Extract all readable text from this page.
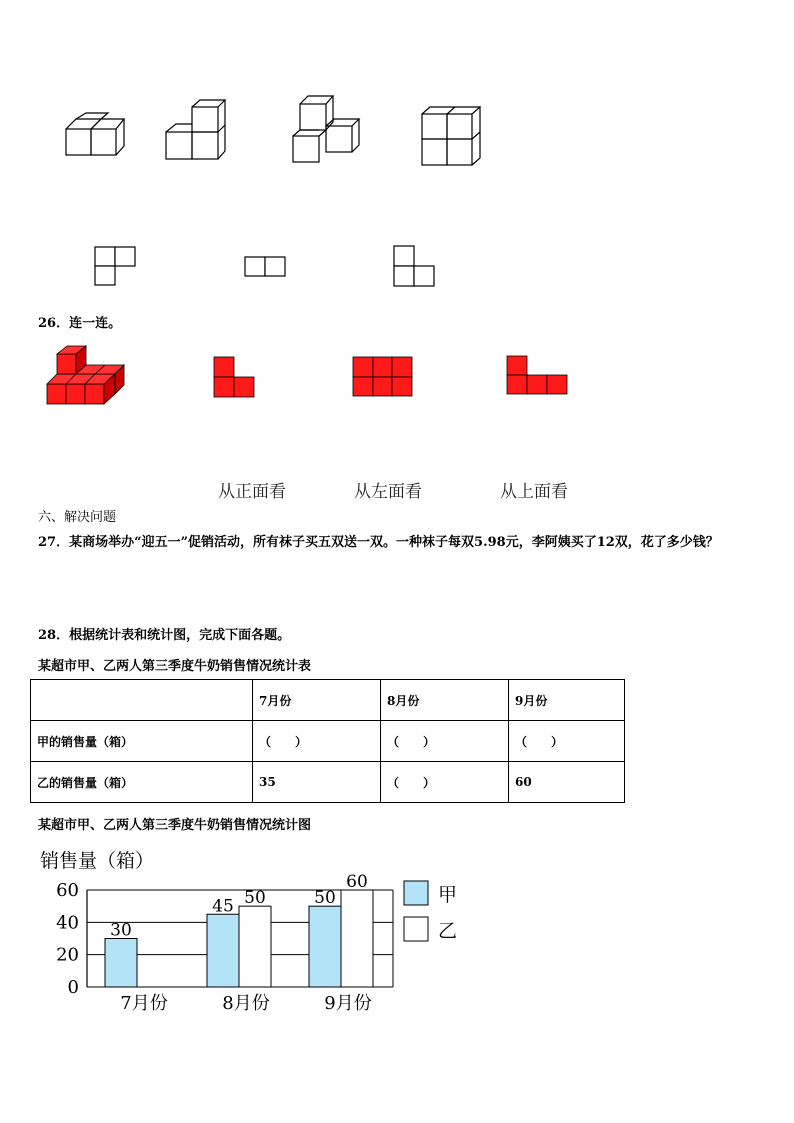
26．连一连。
从正面看	从左面看	从上面看
六、解决问题
27．某商场举办“迎五一”促销活动，所有袜子买五双送一双。一种袜子每双5.98元，李阿姨买了12双，花了多少钱？
28．根据统计表和统计图，完成下面各题。
某超市甲、乙两人第三季度牛奶销售情况统计表
	7月份	8月份	9月份
甲的销售量（箱）	（　　）	（　　）	（　　）
乙的销售量（箱）	35	（　　）	60
某超市甲、乙两人第三季度牛奶销售情况统计图
销售量（箱）
30
45 50	50
60
0
20
40
60
7月份	8月份	9月份
甲
乙
